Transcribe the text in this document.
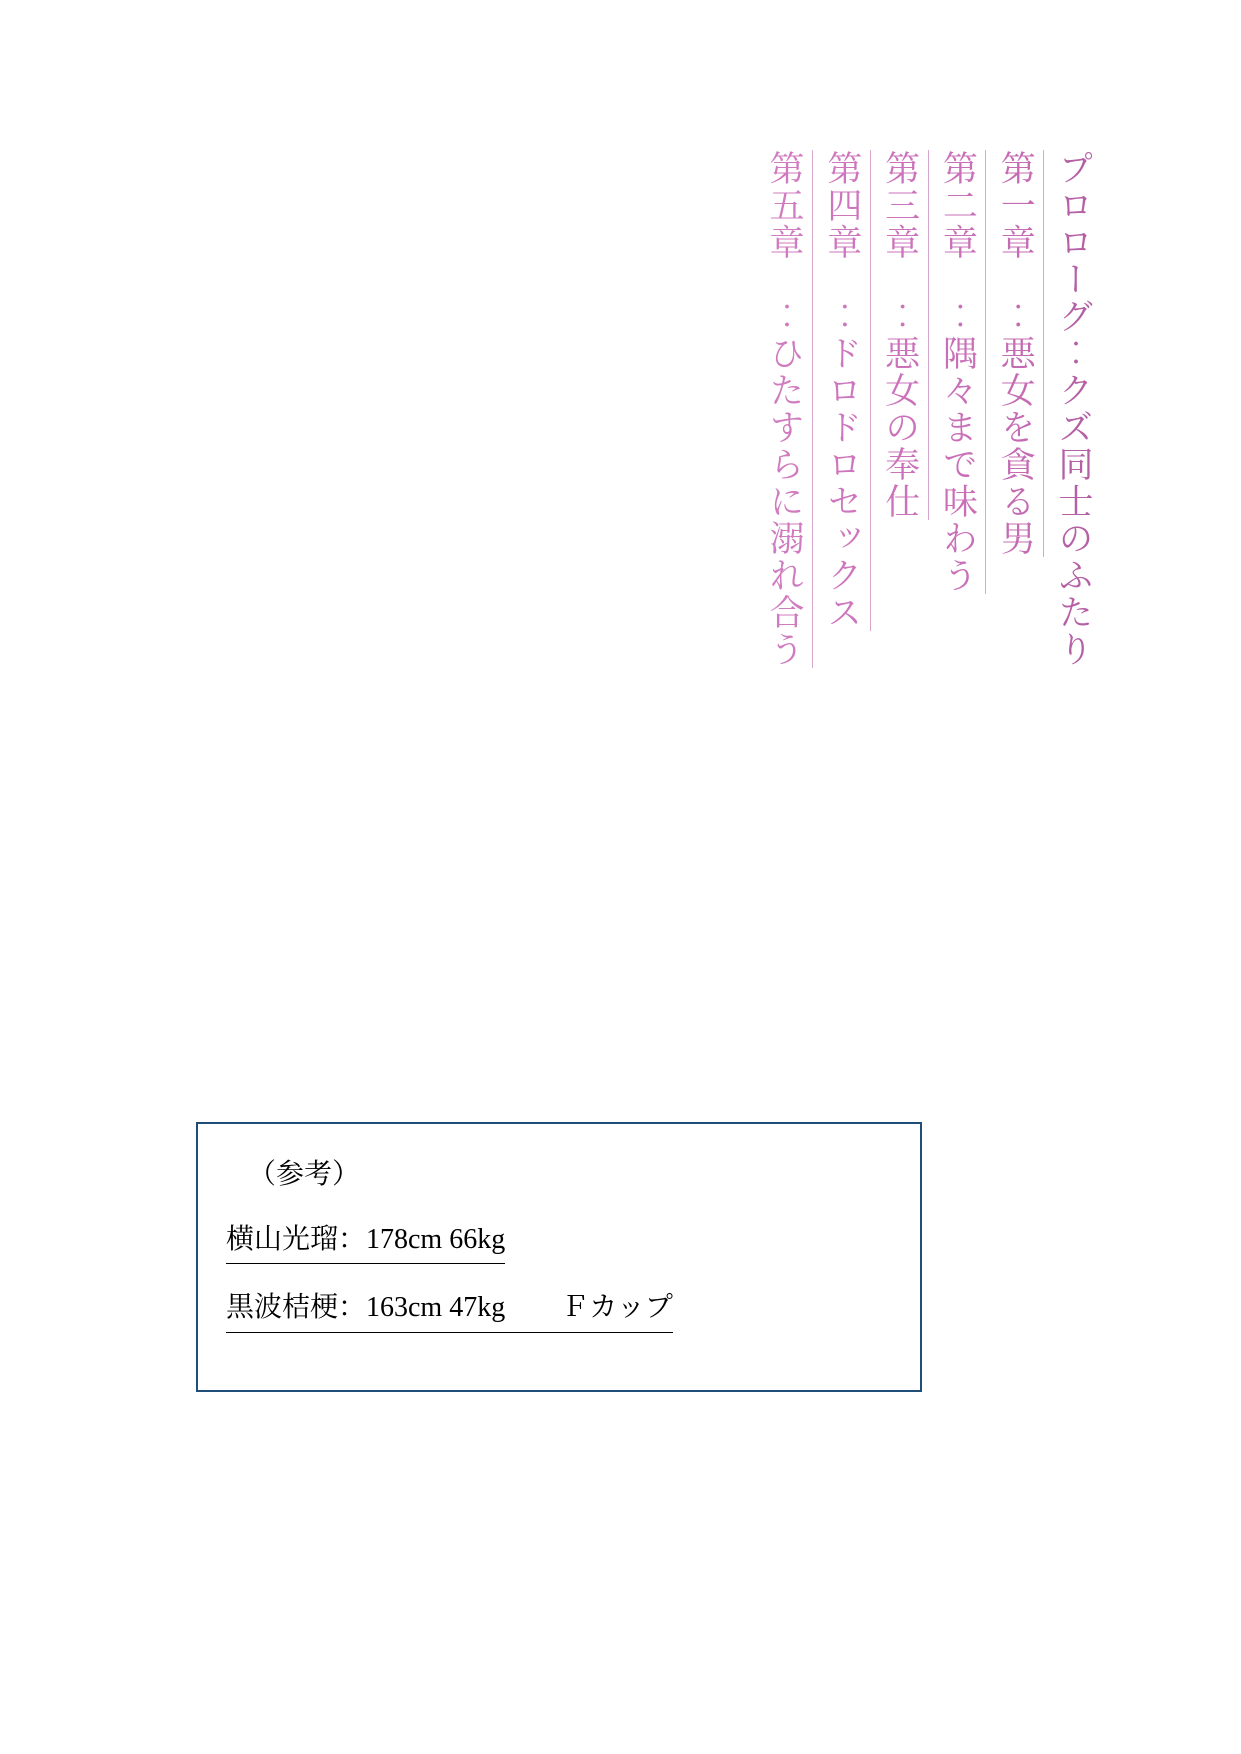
第五章　‥ひたすらに溺れ合う 第四章　‥ドロドロセックス 第三章　‥悪女の奉仕 第二章　‥隅々まで味わう 第一章　‥悪女を貪る男 プロローグ‥クズ同士のふたり
（参考）
横山光瑠：178cm 66kg
黒波桔梗：163cm 47kg　　Ｆカップ
